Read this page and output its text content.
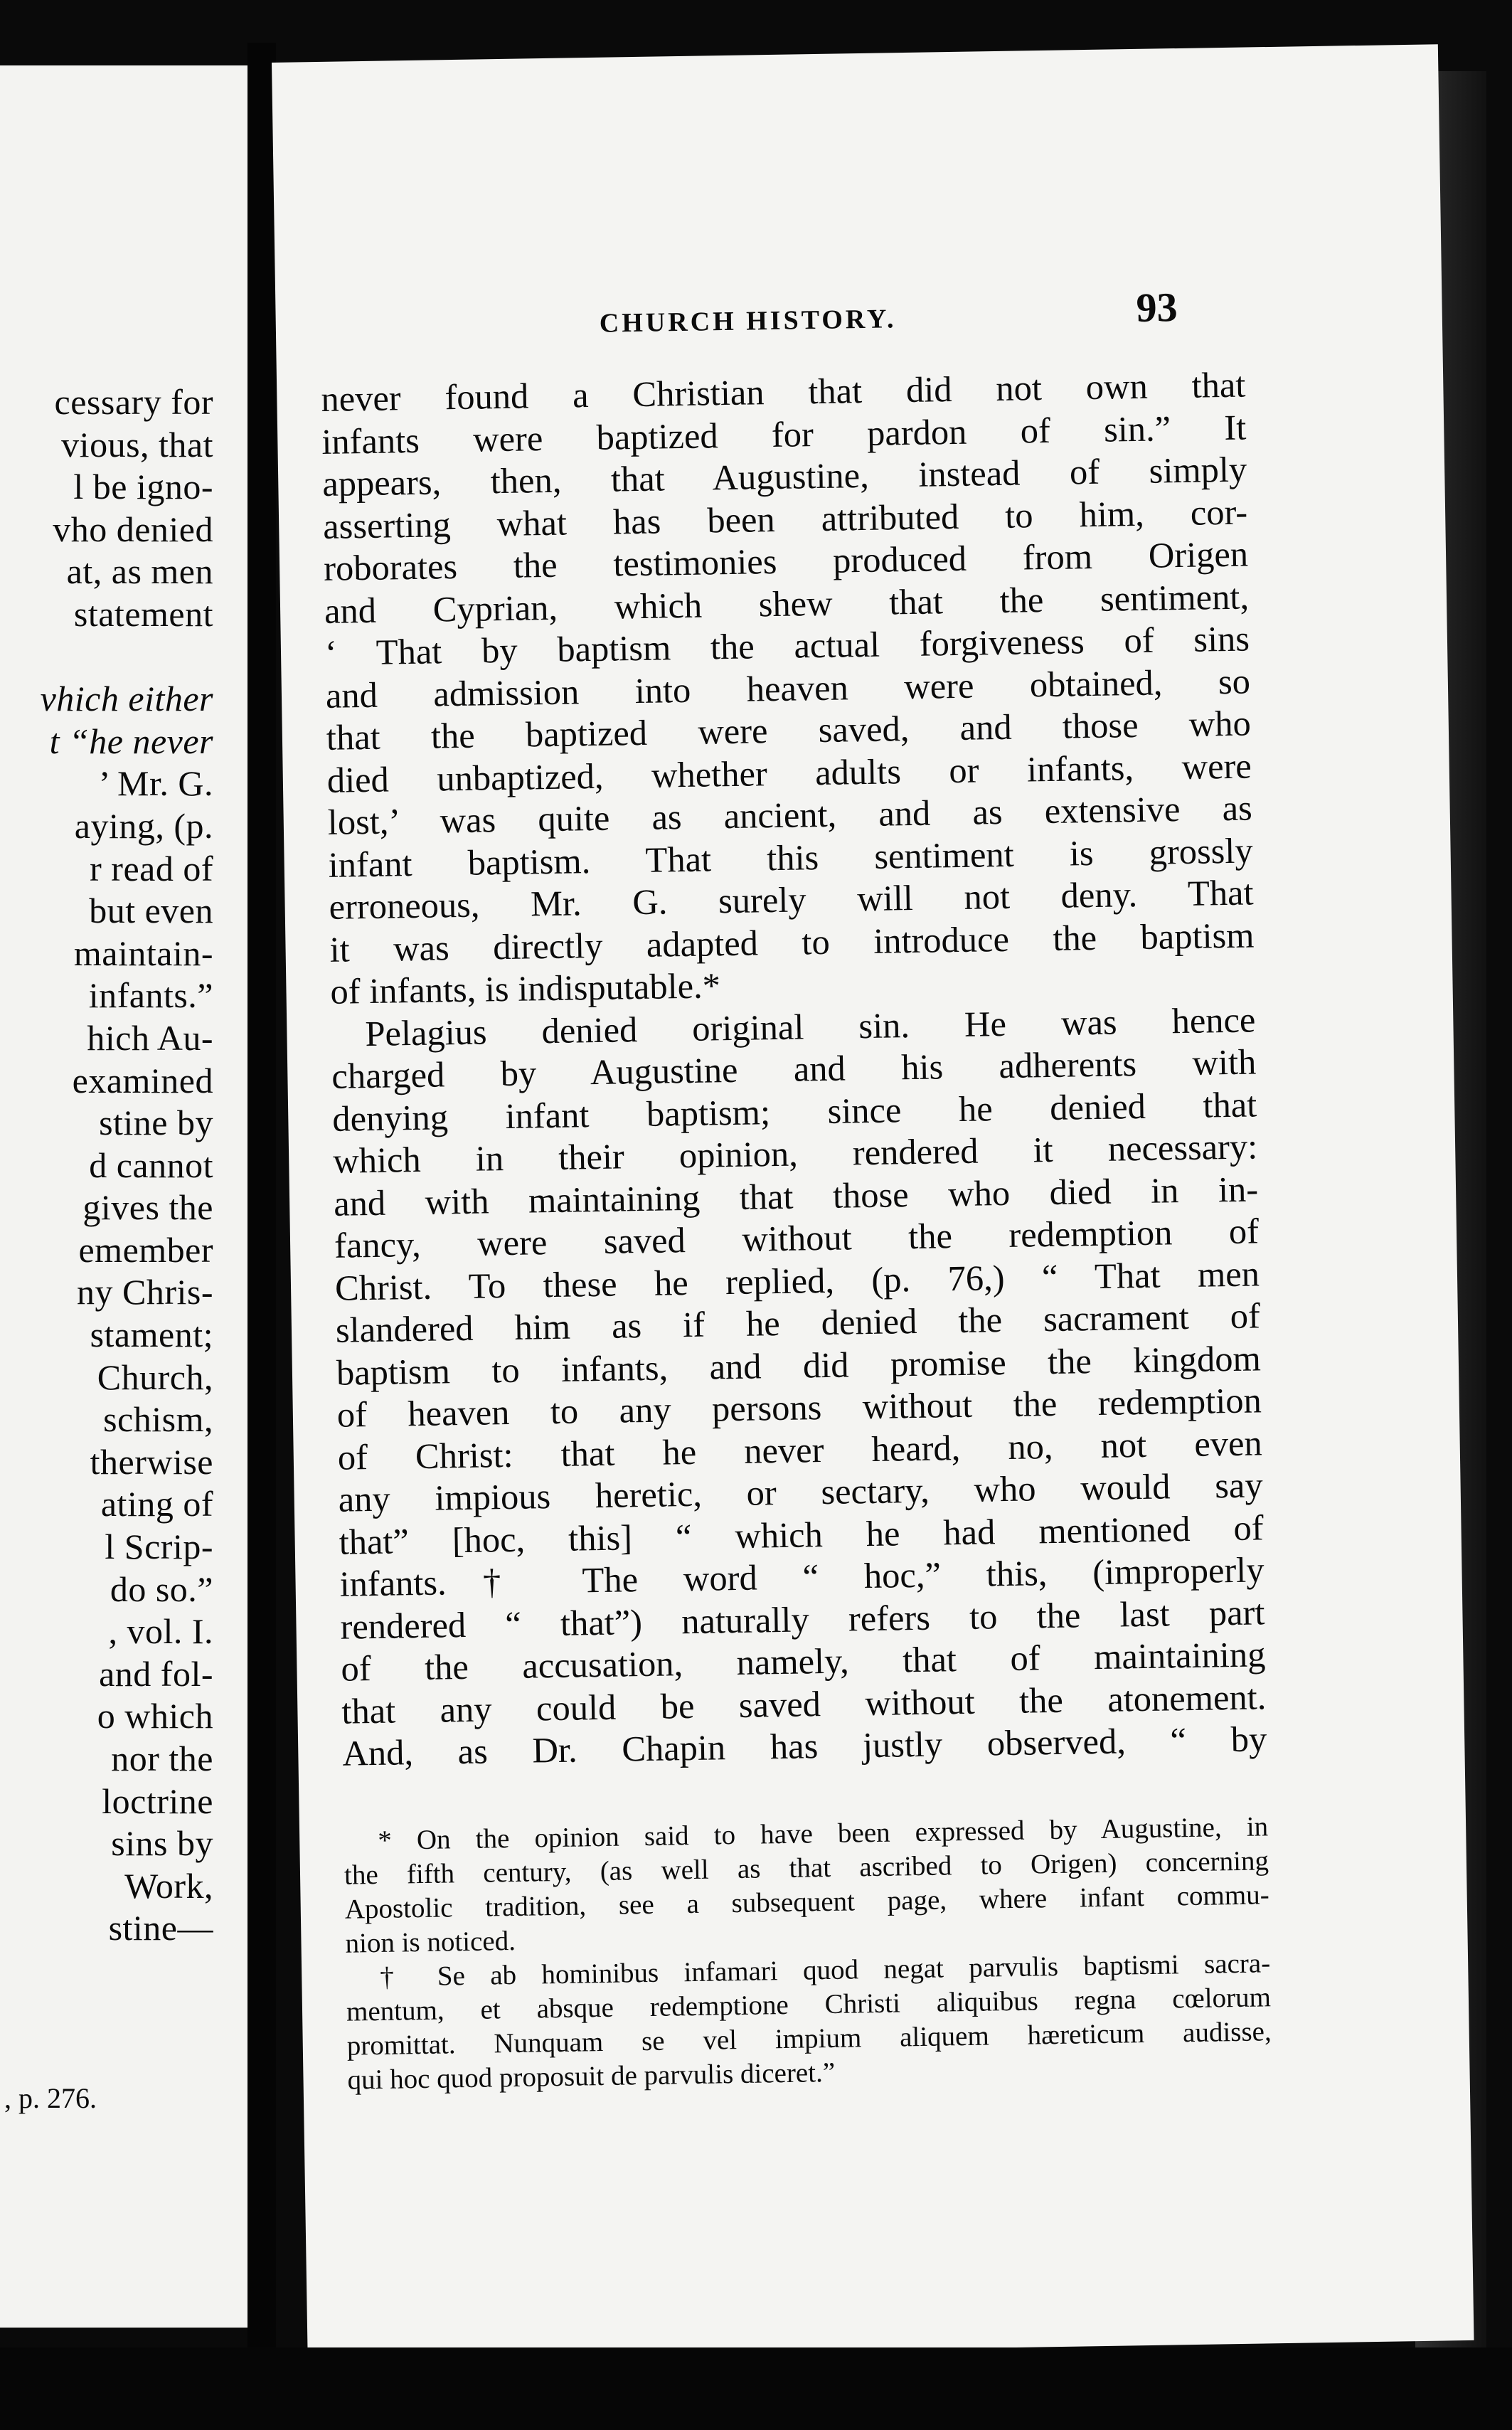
cessary for
vious, that
l be igno-
vho denied
at, as men
statement
vhich either
t “he never
’ Mr. G.
aying, (p.
r read of
but even
maintain-
infants.”
hich Au-
examined
stine by
d cannot
gives the
emember
ny Chris-
stament;
Church,
schism,
therwise
ating of
l Scrip-
do so.”
, vol. I.
and fol-
o which
nor the
loctrine
sins by
Work,
stine—
, p. 276.
CHURCH HISTORY.	93
never found a Christian that did not own that
infants were baptized for pardon of sin.” It
appears, then, that Augustine, instead of simply
asserting what has been attributed to him, cor-
roborates the testimonies produced from Origen
and Cyprian, which shew that the sentiment,
‘ That by baptism the actual forgiveness of sins
and admission into heaven were obtained, so
that the baptized were saved, and those who
died unbaptized, whether adults or infants, were
lost,’ was quite as ancient, and as extensive as
infant baptism. That this sentiment is grossly
erroneous, Mr. G. surely will not deny. That
it was directly adapted to introduce the baptism
of infants, is indisputable.*
Pelagius denied original sin. He was hence
charged by Augustine and his adherents with
denying infant baptism; since he denied that
which in their opinion, rendered it necessary:
and with maintaining that those who died in in-
fancy, were saved without the redemption of
Christ. To these he replied, (p. 76,) “ That men
slandered him as if he denied the sacrament of
baptism to infants, and did promise the kingdom
of heaven to any persons without the redemption
of Christ: that he never heard, no, not even
any impious heretic, or sectary, who would say
that” [hoc, this] “ which he had mentioned of
infants.† The word “ hoc,” this, (improperly
rendered “ that”) naturally refers to the last part
of the accusation, namely, that of maintaining
that any could be saved without the atonement.
And, as Dr. Chapin has justly observed, “ by
* On the opinion said to have been expressed by Augustine, in
the fifth century, (as well as that ascribed to Origen) concerning
Apostolic tradition, see a subsequent page, where infant commu-
nion is noticed.
† Se ab hominibus infamari quod negat parvulis baptismi sacra-
mentum, et absque redemptione Christi aliquibus regna cœlorum
promittat. Nunquam se vel impium aliquem hæreticum audisse,
qui hoc quod proposuit de parvulis diceret.”
